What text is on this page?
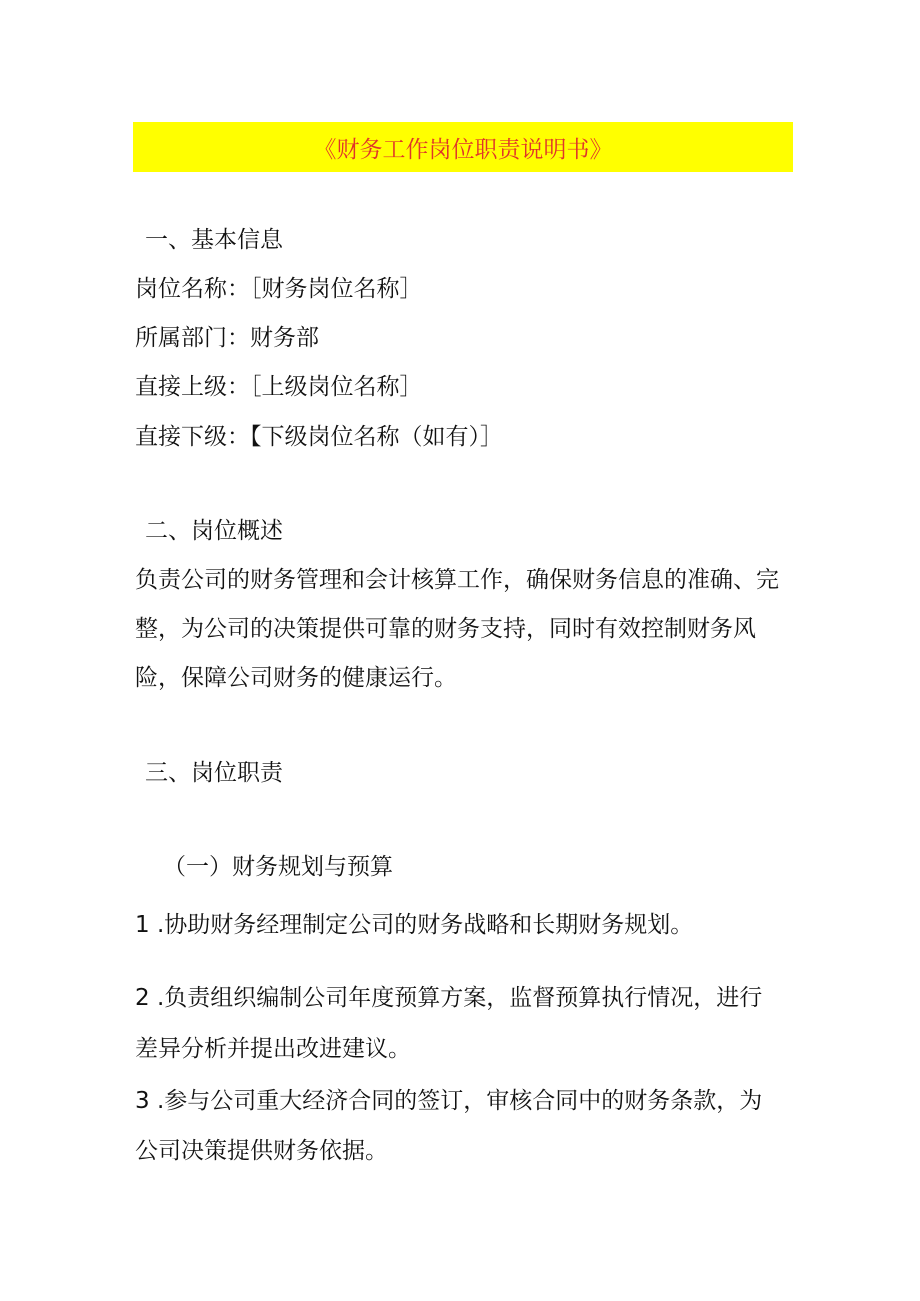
《财务工作岗位职责说明书》
一、基本信息
岗位名称：［财务岗位名称］
所属部门：财务部
直接上级：［上级岗位名称］
直接下级：【下级岗位名称（如有）］
二、岗位概述
负责公司的财务管理和会计核算工作，确保财务信息的准确、完
整，为公司的决策提供可靠的财务支持，同时有效控制财务风
险，保障公司财务的健康运行。
三、岗位职责
（一）财务规划与预算
1 .协助财务经理制定公司的财务战略和长期财务规划。
2 .负责组织编制公司年度预算方案，监督预算执行情况，进行
差异分析并提出改进建议。
3 .参与公司重大经济合同的签订，审核合同中的财务条款，为
公司决策提供财务依据。
